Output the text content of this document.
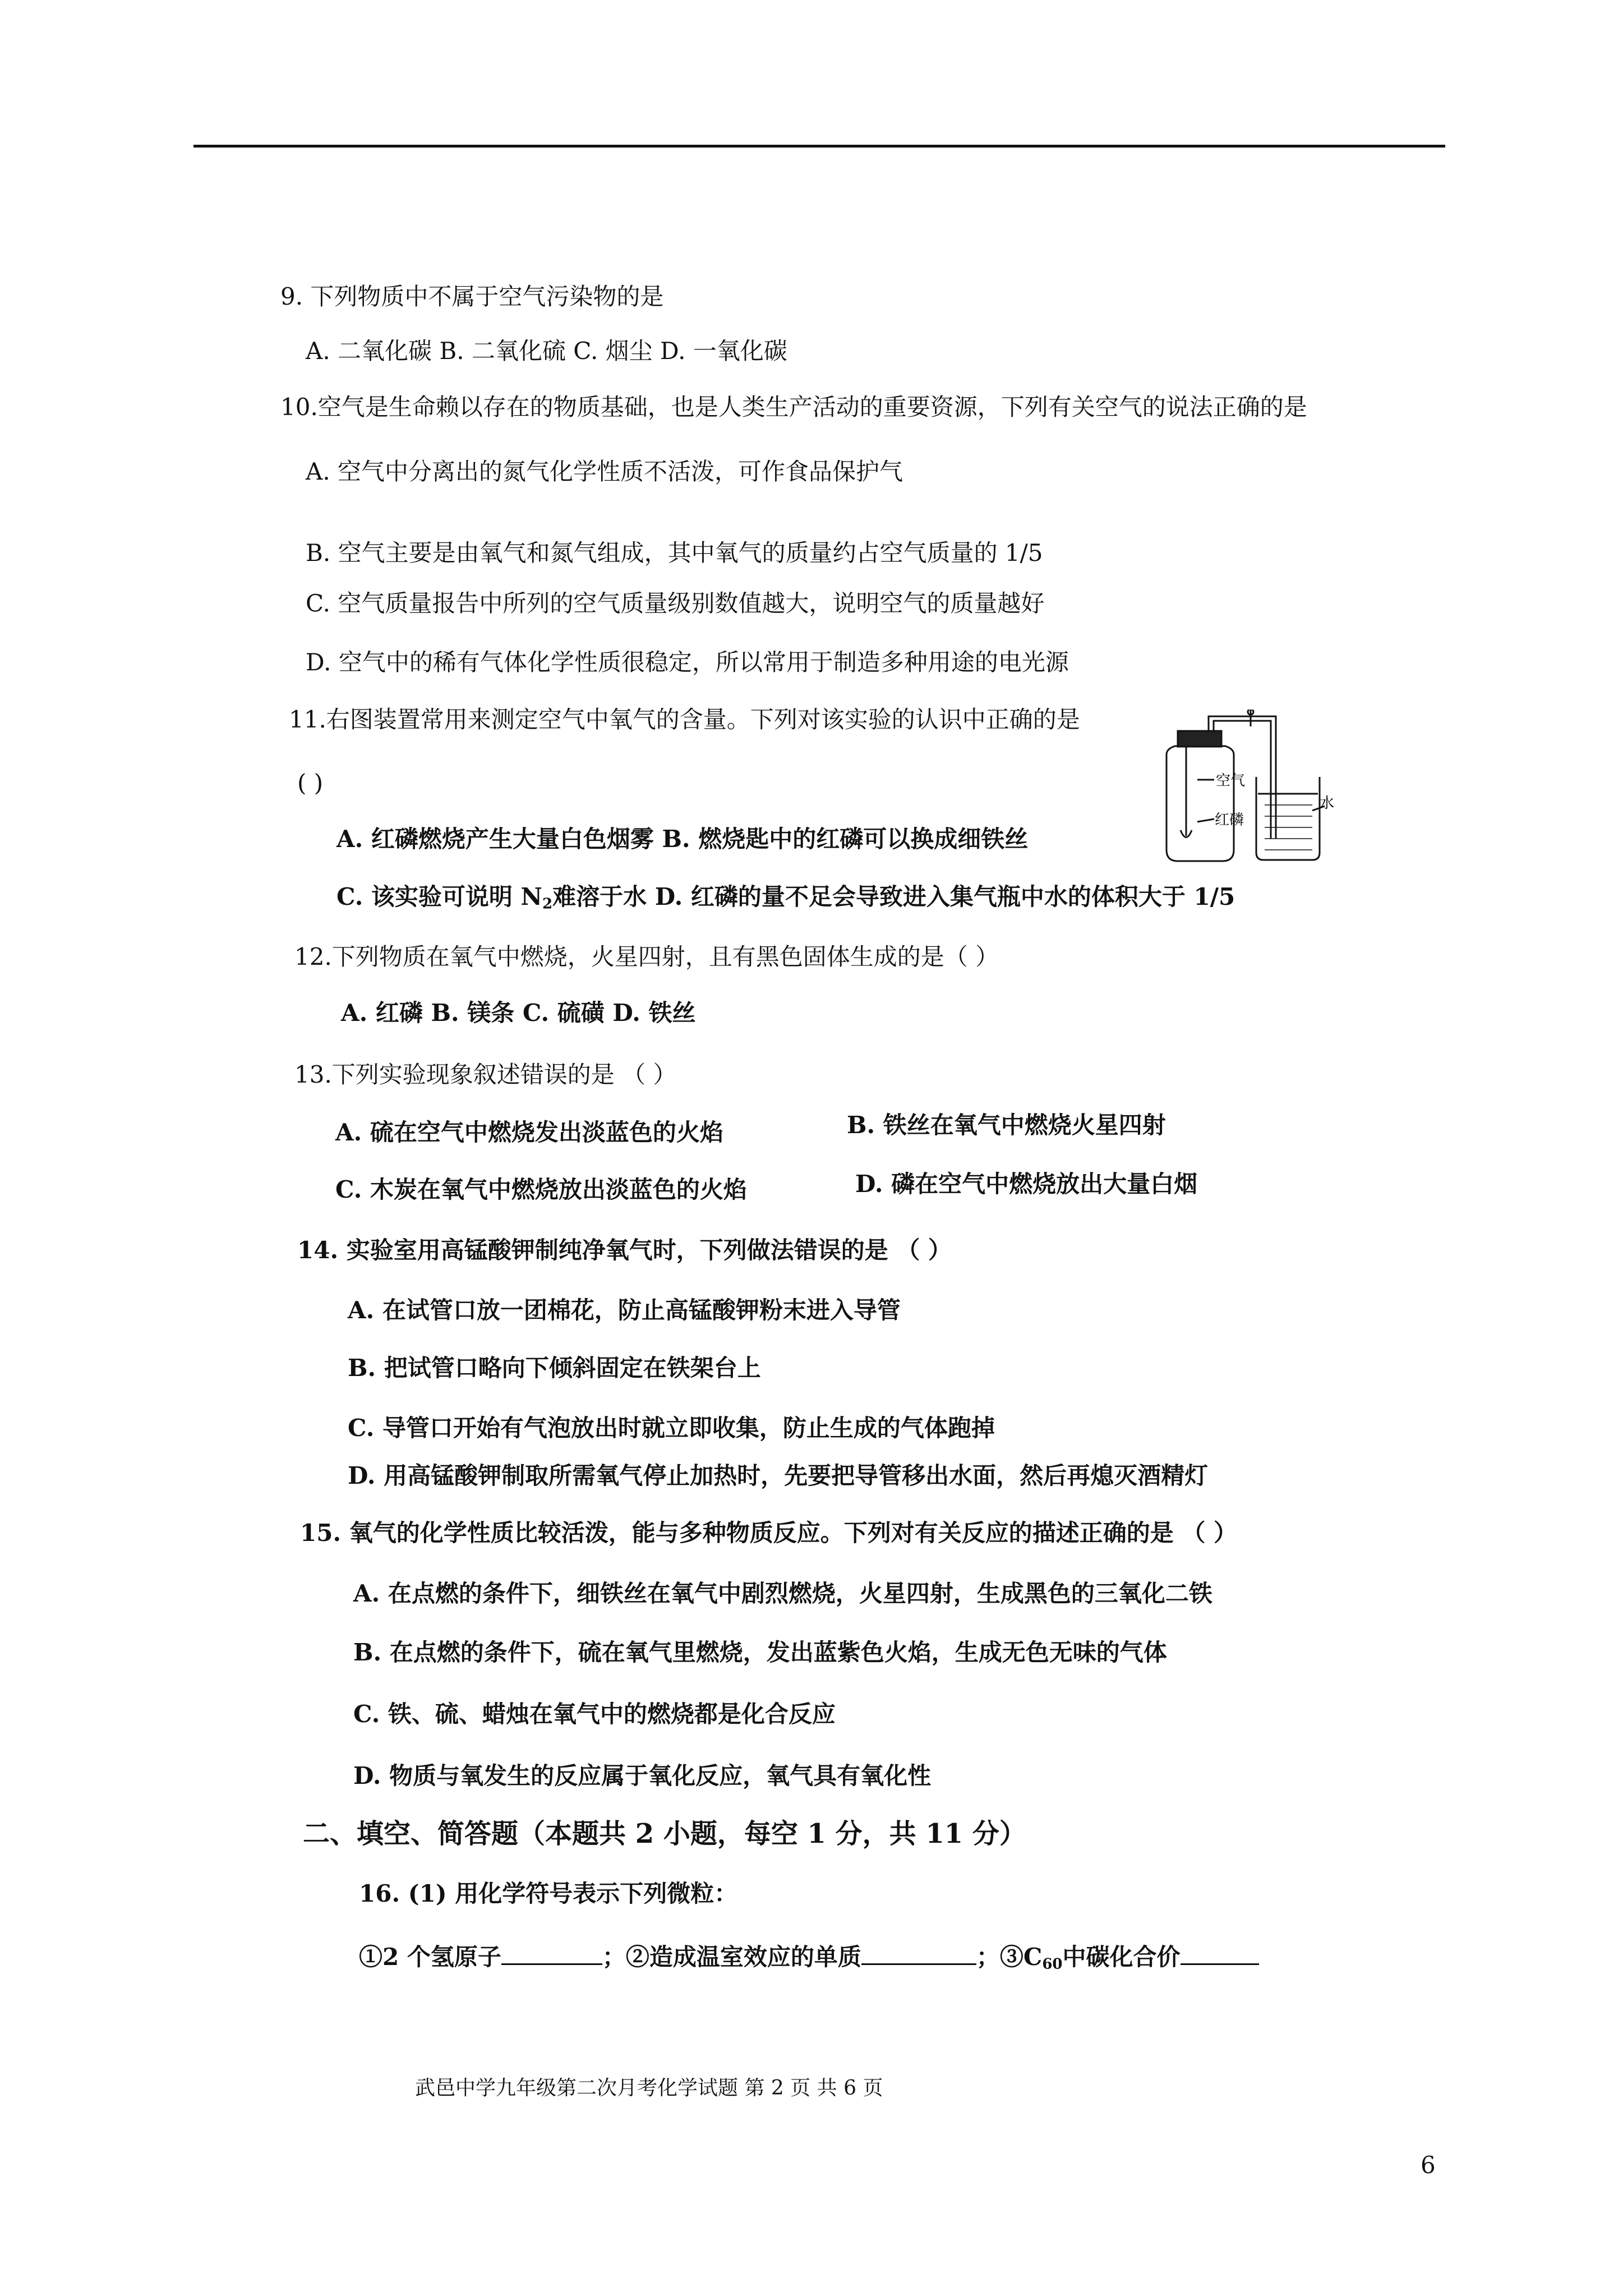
9. 下列物质中不属于空气污染物的是
A. 二氧化碳 B. 二氧化硫 C. 烟尘 D. 一氧化碳
10.空气是生命赖以存在的物质基础，也是人类生产活动的重要资源，下列有关空气的说法正确的是
A. 空气中分离出的氮气化学性质不活泼，可作食品保护气
B. 空气主要是由氧气和氮气组成，其中氧气的质量约占空气质量的 1/5
C. 空气质量报告中所列的空气质量级别数值越大，说明空气的质量越好
D. 空气中的稀有气体化学性质很稳定，所以常用于制造多种用途的电光源
11.右图装置常用来测定空气中氧气的含量。下列对该实验的认识中正确的是
( )
A. 红磷燃烧产生大量白色烟雾 B. 燃烧匙中的红磷可以换成细铁丝
C. 该实验可说明 $N_2$难溶于水 D. 红磷的量不足会导致进入集气瓶中水的体积大于 1/5
空气
红磷
水
12.下列物质在氧气中燃烧，火星四射，且有黑色固体生成的是（ ）
A. 红磷 B. 镁条 C. 硫磺 D. 铁丝
13.下列实验现象叙述错误的是 （ ）
A. 硫在空气中燃烧发出淡蓝色的火焰	B. 铁丝在氧气中燃烧火星四射
C. 木炭在氧气中燃烧放出淡蓝色的火焰	D. 磷在空气中燃烧放出大量白烟
14. 实验室用高锰酸钾制纯净氧气时，下列做法错误的是 （ ）
A. 在试管口放一团棉花，防止高锰酸钾粉末进入导管
B. 把试管口略向下倾斜固定在铁架台上
C. 导管口开始有气泡放出时就立即收集，防止生成的气体跑掉
D. 用高锰酸钾制取所需氧气停止加热时，先要把导管移出水面，然后再熄灭酒精灯
15. 氧气的化学性质比较活泼，能与多种物质反应。下列对有关反应的描述正确的是 （ ）
A. 在点燃的条件下，细铁丝在氧气中剧烈燃烧，火星四射，生成黑色的三氧化二铁
B. 在点燃的条件下，硫在氧气里燃烧，发出蓝紫色火焰，生成无色无味的气体
C. 铁、硫、蜡烛在氧气中的燃烧都是化合反应
D. 物质与氧发生的反应属于氧化反应，氧气具有氧化性
二、填空、简答题（本题共 2 小题，每空 1 分，共 11 分）
16. (1) 用化学符号表示下列微粒：
①2 个氢原子	；②造成温室效应的单质	；$③C_{60}$中碳化合价
武邑中学九年级第二次月考化学试题 第 2 页 共 6 页
6
